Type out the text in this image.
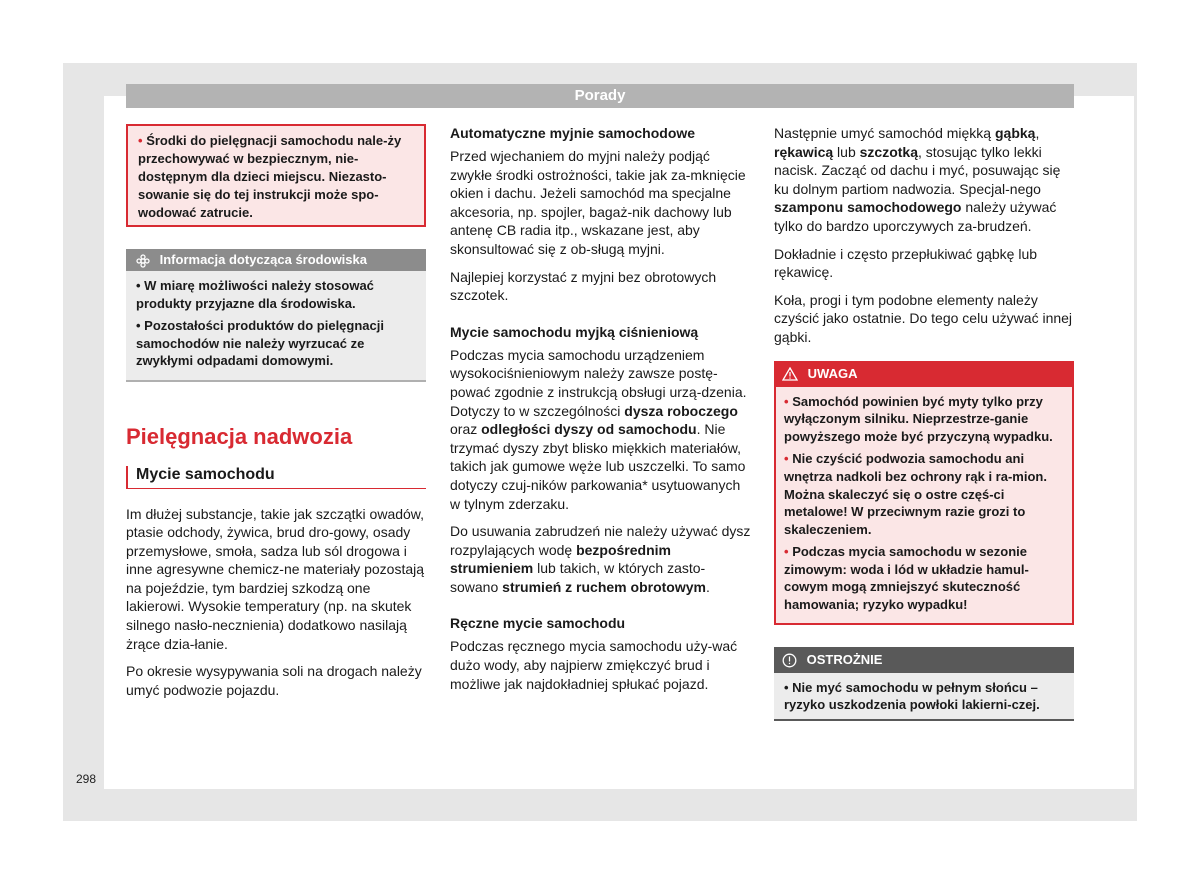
Porady
• Środki do pielęgnacji samochodu nale-żу przechowywać w bezpiecznym, nie-dostępnym dla dzieci miejscu. Niezasto-sowanie się do tej instrukcji może spo-wodować zatrucie.
Informacja dotycząca środowiska
• W miarę możliwości należy stosować produkty przyjazne dla środowiska.
• Pozostałości produktów do pielęgnacji samochodów nie należy wyrzucać ze zwykłymi odpadami domowymi.
Pielęgnacja nadwozia
Mycie samochodu

Im dłużej substancje, takie jak szczątki owadów, ptasie odchody, żywica, brud dro-gowy, osady przemysłowe, smoła, sadza lub sól drogowa i inne agresywne chemicz-ne materiały pozostają na pojeździe, tym bardziej szkodzą one lakierowi. Wysokie temperatury (np. na skutek silnego nasło-necznienia) dodatkowo nasilają żrące dzia-łanie.

Po okresie wysypywania soli na drogach należy umyć podwozie pojazdu.

Automatyczne myjnie samochodowe

Przed wjechaniem do myjni należy podjąć zwykłe środki ostrożności, takie jak za-mknięcie okien i dachu. Jeżeli samochód ma specjalne akcesoria, np. spojler, bagaż-nik dachowy lub antenę CB radia itp., wskazane jest, aby skonsultować się z ob-sługą myjni.

Najlepiej korzystać z myjni bez obrotowych szczotek.

Mycie samochodu myjką ciśnieniową

Podczas mycia samochodu urządzeniem wysokociśnieniowym należy zawsze postę-pować zgodnie z instrukcją obsługi urzą-dzenia. Dotyczy to w szczególności dysza roboczego oraz odległości dyszy od samochodu. Nie trzymać dyszy zbyt blisko miękkich materiałów, takich jak gumowe węże lub uszczelki. To samo dotyczy czuj-ników parkowania* usytuowanych w tylnym zderzaku.

Do usuwania zabrudzeń nie należy używać dysz rozpylających wodę bezpośrednim strumieniem lub takich, w których zasto-sowano strumień z ruchem obrotowym.

Ręczne mycie samochodu

Podczas ręcznego mycia samochodu uży-wać dużo wody, aby najpierw zmiękczyć brud i możliwe jak najdokładniej spłukać pojazd.

Następnie umyć samochód miękką gąbką, rękawicą lub szczotką, stosując tylko lekki nacisk. Zacząć od dachu i myć, posuwając się ku dolnym partiom nadwozia. Specjal-nego szamponu samochodowego należy używać tylko do bardzo uporczywych za-brudzeń.

Dokładnie i często przepłukiwać gąbkę lub rękawicę.

Koła, progi i tym podobne elementy należy czyścić jako ostatnie. Do tego celu używać innej gąbki.

UWAGA
• Samochód powinien być myty tylko przy wyłączonym silniku. Nieprzestrze-ganie powyższego może być przyczyną wypadku.
• Nie czyścić podwozia samochodu ani wnętrza nadkoli bez ochrony rąk i ra-mion. Można skaleczyć się o ostre częś-ci metalowe! W przeciwnym razie grozi to skaleczeniem.
• Podczas mycia samochodu w sezonie zimowym: woda i lód w układzie hamul-cowym mogą zmniejszyć skuteczność hamowania; ryzyko wypadku!
OSTROŻNIE
• Nie myć samochodu w pełnym słońcu – ryzyko uszkodzenia powłoki lakierni-czej.
298
